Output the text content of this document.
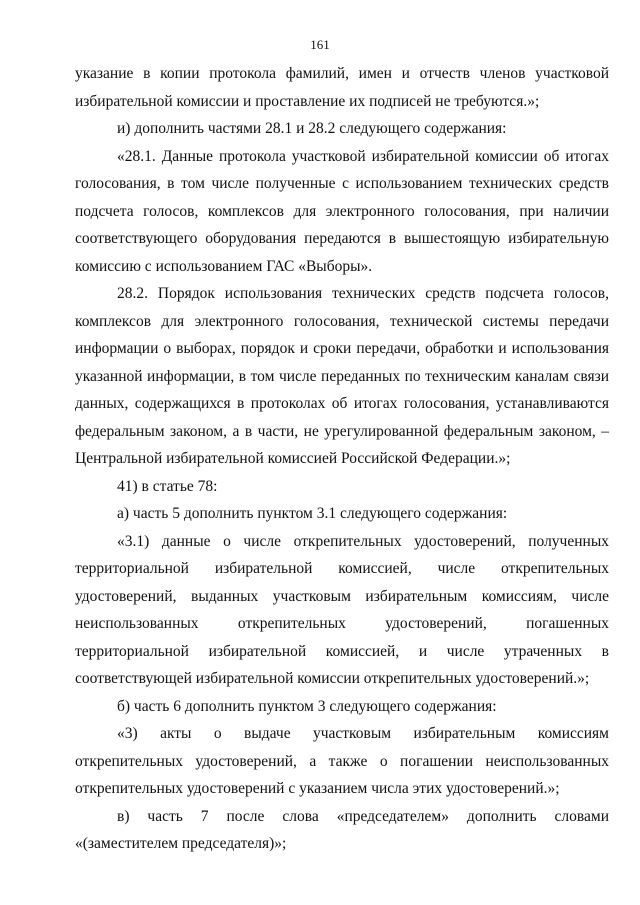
161

указание в копии протокола фамилий, имен и отчеств членов участковой избирательной комиссии и проставление их подписей не требуются.»;

и) дополнить частями 28.1 и 28.2 следующего содержания:

«28.1. Данные протокола участковой избирательной комиссии об итогах голосования, в том числе полученные с использованием технических средств подсчета голосов, комплексов для электронного голосования, при наличии соответствующего оборудования передаются в вышестоящую избирательную комиссию с использованием ГАС «Выборы».

28.2. Порядок использования технических средств подсчета голосов, комплексов для электронного голосования, технической системы передачи информации о выборах, порядок и сроки передачи, обработки и использования указанной информации, в том числе переданных по техническим каналам связи данных, содержащихся в протоколах об итогах голосования, устанавливаются федеральным законом, а в части, не урегулированной федеральным законом, – Центральной избирательной комиссией Российской Федерации.»;

41) в статье 78:

а) часть 5 дополнить пунктом 3.1 следующего содержания:

«3.1) данные о числе открепительных удостоверений, полученных территориальной избирательной комиссией, числе открепительных удостоверений, выданных участковым избирательным комиссиям, числе неиспользованных открепительных удостоверений, погашенных территориальной избирательной комиссией, и числе утраченных в соответствующей избирательной комиссии открепительных удостоверений.»;

б) часть 6 дополнить пунктом 3 следующего содержания:

«3) акты о выдаче участковым избирательным комиссиям открепительных удостоверений, а также о погашении неиспользованных открепительных удостоверений с указанием числа этих удостоверений.»;

в) часть 7 после слова «председателем» дополнить словами «(заместителем председателя)»;
